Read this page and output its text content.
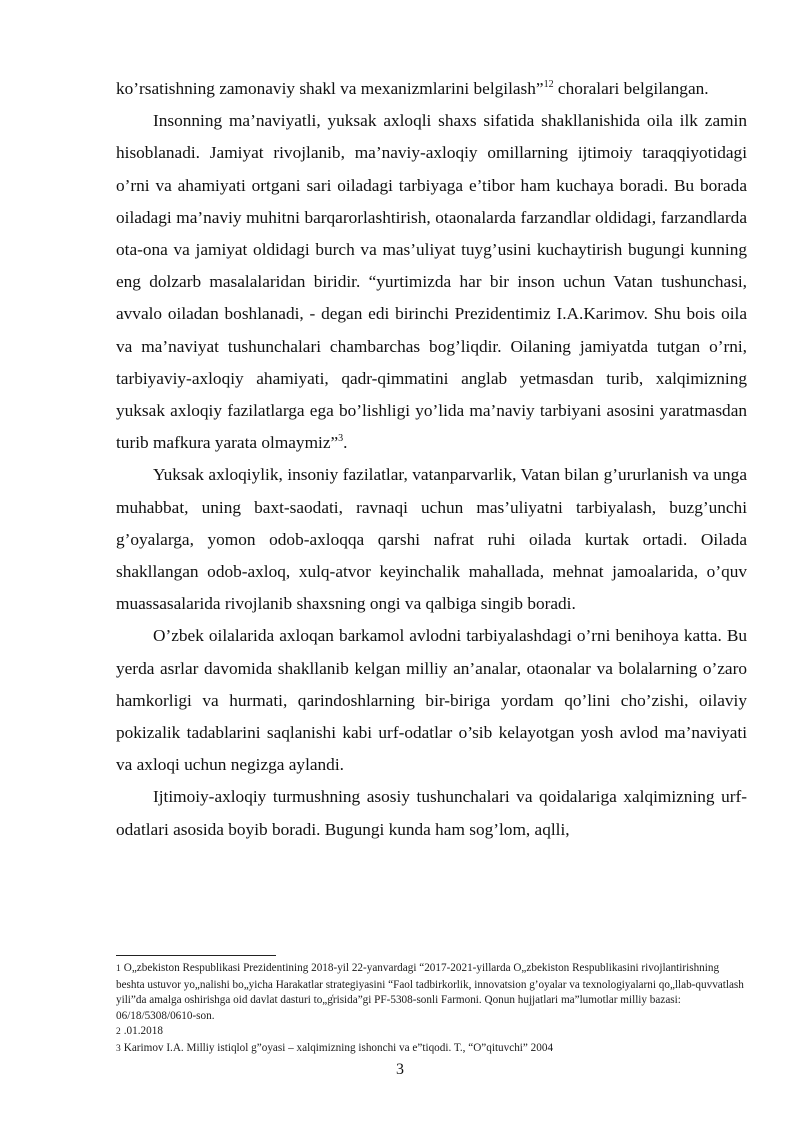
ko’rsatishning zamonaviy shakl va mexanizmlarini belgilash”$^{12}$ choralari belgilangan.

Insonning ma’naviyatli, yuksak axloqli shaxs sifatida shakllanishida oila ilk zamin hisoblanadi. Jamiyat rivojlanib, ma’naviy-axloqiy omillarning ijtimoiy taraqqiyotidagi o’rni va ahamiyati ortgani sari oiladagi tarbiyaga e’tibor ham kuchaya boradi. Bu borada oiladagi ma’naviy muhitni barqarorlashtirish, otaonalarda farzandlar oldidagi, farzandlarda ota-ona va jamiyat oldidagi burch va mas’uliyat tuyg’usini kuchaytirish bugungi kunning eng dolzarb masalalaridan biridir. “yurtimizda har bir inson uchun Vatan tushunchasi, avvalo oiladan boshlanadi, - degan edi birinchi Prezidentimiz I.A.Karimov. Shu bois oila va ma’naviyat tushunchalari chambarchas bog’liqdir. Oilaning jamiyatda tutgan o’rni, tarbiyaviy-axloqiy ahamiyati, qadr-qimmatini anglab yetmasdan turib, xalqimizning yuksak axloqiy fazilatlarga ega bo’lishligi yo’lida ma’naviy tarbiyani asosini yaratmasdan turib mafkura yarata olmaymiz”$^3$.

Yuksak axloqiylik, insoniy fazilatlar, vatanparvarlik, Vatan bilan g’ururlanish va unga muhabbat, uning baxt-saodati, ravnaqi uchun mas’uliyatni tarbiyalash, buzg’unchi g’oyalarga, yomon odob-axloqqa qarshi nafrat ruhi oilada kurtak ortadi. Oilada shakllangan odob-axloq, xulq-atvor keyinchalik mahallada, mehnat jamoalarida, o’quv muassasalarida rivojlanib shaxsning ongi va qalbiga singib boradi.

O’zbek oilalarida axloqan barkamol avlodni tarbiyalashdagi o’rni benihoya katta. Bu yerda asrlar davomida shakllanib kelgan milliy an’analar, otaonalar va bolalarning o’zaro hamkorligi va hurmati, qarindoshlarning bir-biriga yordam qo’lini cho’zishi, oilaviy pokizalik tadablarini saqlanishi kabi urf-odatlar o’sib kelayotgan yosh avlod ma’naviyati va axloqi uchun negizga aylandi.

Ijtimoiy-axloqiy turmushning asosiy tushunchalari va qoidalariga xalqimizning urf-odatlari asosida boyib boradi. Bugungi kunda ham sog’lom, aqlli,

1 O„zbekiston Respublikasi Prezidentining 2018-yil 22-yanvardagi “2017-2021-yillarda O„zbekiston Respublikasini rivojlantirishning beshta ustuvor yo„nalishi bo„yicha Harakatlar strategiyasini “Faol tadbirkorlik, innovatsion g’oyalar va texnologiyalarni qo„llab-quvvatlash yili”da amalga oshirishga oid davlat dasturi to„g̒risida”gi PF-5308-sonli Farmoni. Qonun hujjatlari ma”lumotlar milliy bazasi: 06/18/5308/0610-son.

2 .01.2018

3 Karimov I.A. Milliy istiqlol g”oyasi – xalqimizning ishonchi va e”tiqodi. T., “O”qituvchi” 2004

3
